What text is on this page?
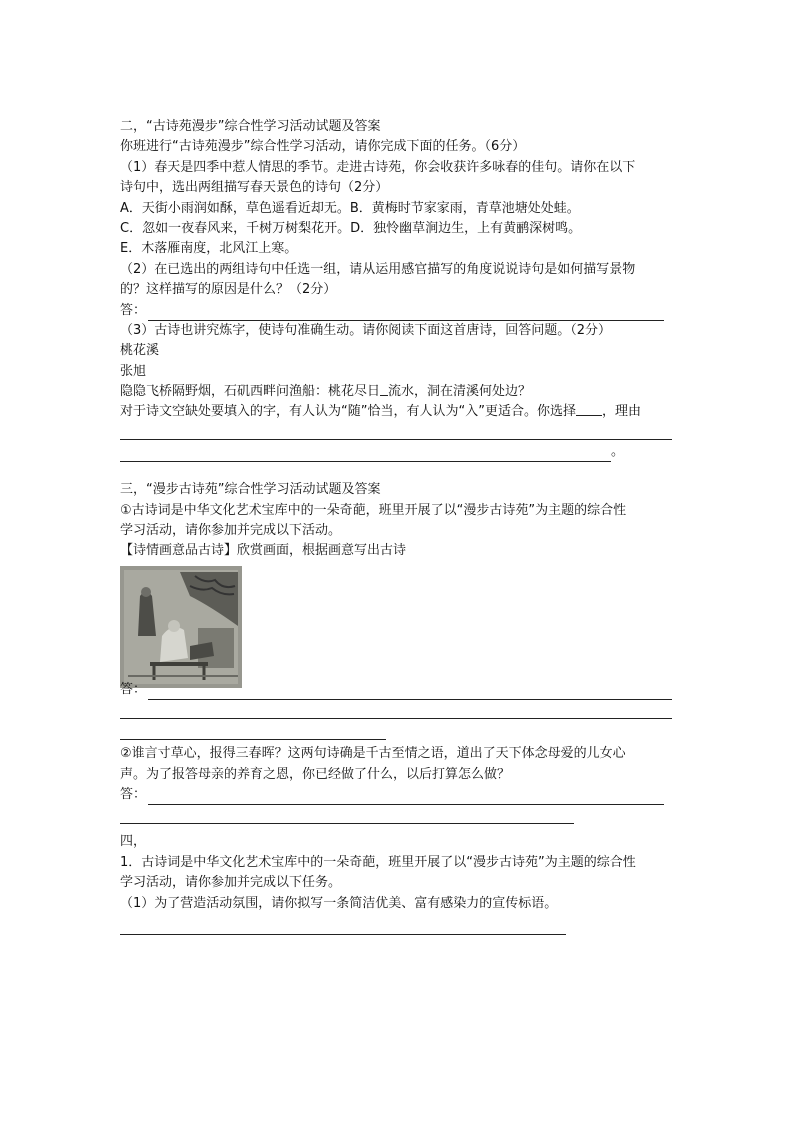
二，“古诗苑漫步”综合性学习活动试题及答案
你班进行“古诗苑漫步”综合性学习活动，请你完成下面的任务。（6分）
（1）春天是四季中惹人情思的季节。走进古诗苑，你会收获许多咏春的佳句。请你在以下
诗句中，选出两组描写春天景色的诗句（2分）
A．天街小雨润如酥，草色遥看近却无。B．黄梅时节家家雨，青草池塘处处蛙。
C．忽如一夜春风来，千树万树梨花开。D．独怜幽草涧边生，上有黄鹂深树鸣。
E．木落雁南度，北风江上寒。
（2）在已选出的两组诗句中任选一组，请从运用感官描写的角度说说诗句是如何描写景物
的？这样描写的原因是什么？（2分）
答：
（3）古诗也讲究炼字，使诗句准确生动。请你阅读下面这首唐诗，回答问题。（2分）
桃花溪
张旭
隐隐飞桥隔野烟，石矶西畔问渔船：桃花尽日 流水，洞在清溪何处边？
对于诗文空缺处要填入的字，有人认为“随”恰当，有人认为“入”更适合。你选择 ，理由
。
三，“漫步古诗苑”综合性学习活动试题及答案
①古诗词是中华文化艺术宝库中的一朵奇葩，班里开展了以“漫步古诗苑”为主题的综合性
学习活动，请你参加并完成以下活动。
【诗情画意品古诗】欣赏画面，根据画意写出古诗
答：
②谁言寸草心，报得三春晖？这两句诗确是千古至情之语，道出了天下体念母爱的儿女心
声。为了报答母亲的养育之恩，你已经做了什么，以后打算怎么做？
答：
四，
1．古诗词是中华文化艺术宝库中的一朵奇葩，班里开展了以“漫步古诗苑”为主题的综合性
学习活动，请你参加并完成以下任务。
（1）为了营造活动氛围，请你拟写一条简洁优美、富有感染力的宣传标语。
